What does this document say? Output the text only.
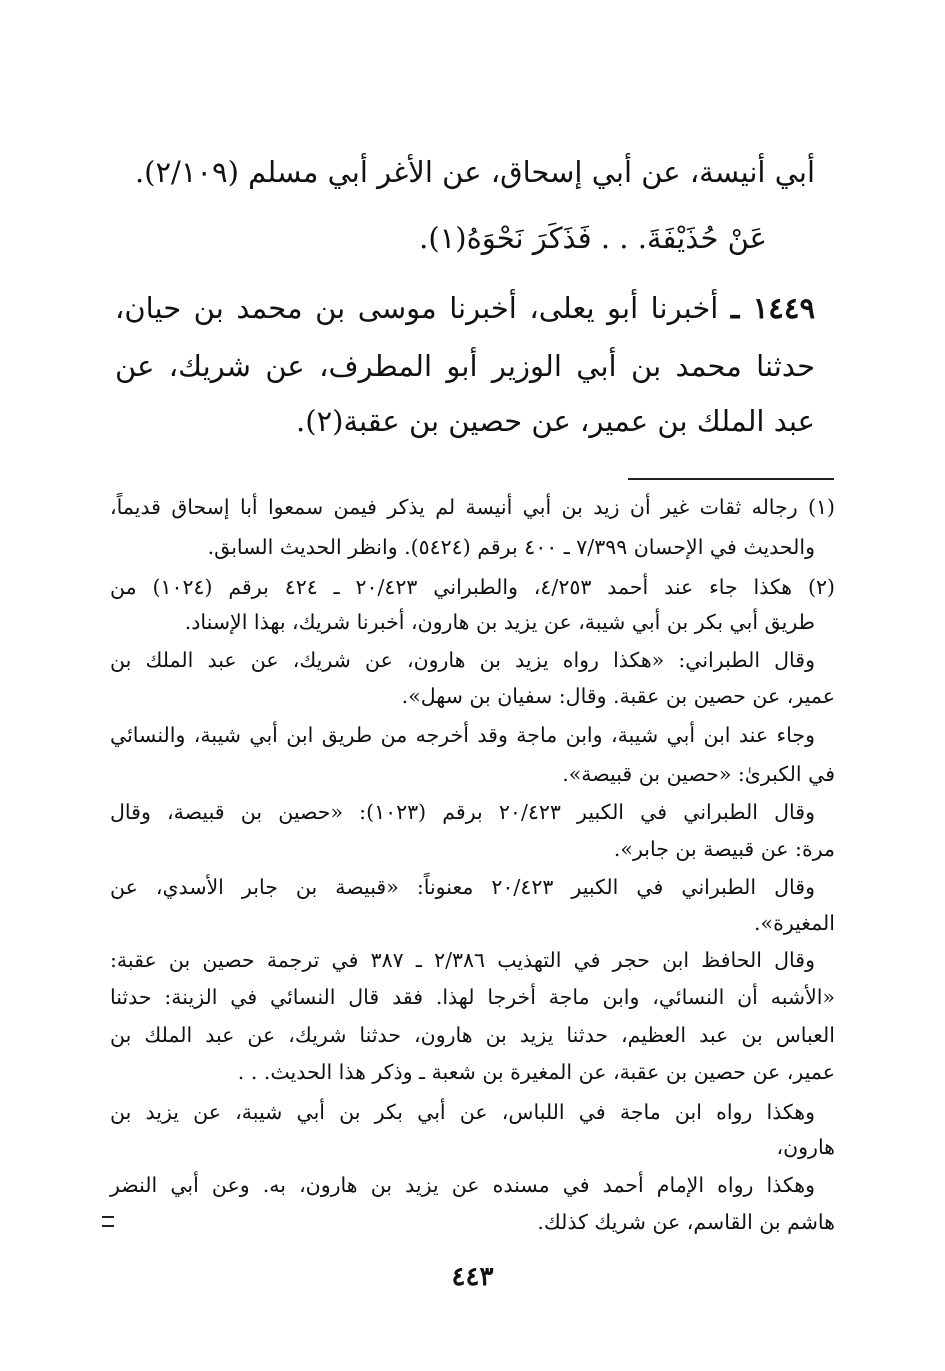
أبي أنيسة، عن أبي إسحاق، عن الأغر أبي مسلم (٢/١٠٩).
عَنْ حُذَيْفَةَ. . . فَذَكَرَ نَحْوَهُ(١).
١٤٤٩ ـ أخبرنا أبو يعلى، أخبرنا موسى بن محمد بن حيان،
حدثنا محمد بن أبي الوزير أبو المطرف، عن شريك، عن
عبد الملك بن عمير، عن حصين بن عقبة(٢).
(١) رجاله ثقات غير أن زيد بن أبي أنيسة لم يذكر فيمن سمعوا أبا إسحاق قديماً،
والحديث في الإحسان ٧/٣٩٩ ـ ٤٠٠ برقم (٥٤٢٤). وانظر الحديث السابق.
(٢) هكذا جاء عند أحمد ٤/٢٥٣، والطبراني ٢٠/٤٢٣ ـ ٤٢٤ برقم (١٠٢٤) من
طريق أبي بكر بن أبي شيبة، عن يزيد بن هارون، أخبرنا شريك، بهذا الإسناد.
وقال الطبراني: «هكذا رواه يزيد بن هارون، عن شريك، عن عبد الملك بن
عمير، عن حصين بن عقبة. وقال: سفيان بن سهل».
وجاء عند ابن أبي شيبة، وابن ماجة وقد أخرجه من طريق ابن أبي شيبة، والنسائي
في الكبرىٰ: «حصين بن قبيصة».
وقال الطبراني في الكبير ٢٠/٤٢٣ برقم (١٠٢٣): «حصين بن قبيصة، وقال
مرة: عن قبيصة بن جابر».
وقال الطبراني في الكبير ٢٠/٤٢٣ معنوناً: «قبيصة بن جابر الأسدي، عن
المغيرة».
وقال الحافظ ابن حجر في التهذيب ٢/٣٨٦ ـ ٣٨٧ في ترجمة حصين بن عقبة:
«الأشبه أن النسائي، وابن ماجة أخرجا لهذا. فقد قال النسائي في الزينة: حدثنا
العباس بن عبد العظيم، حدثنا يزيد بن هارون، حدثنا شريك، عن عبد الملك بن
عمير، عن حصين بن عقبة، عن المغيرة بن شعبة ـ وذكر هذا الحديث. . .
وهكذا رواه ابن ماجة في اللباس، عن أبي بكر بن أبي شيبة، عن يزيد بن
هارون،
وهكذا رواه الإمام أحمد في مسنده عن يزيد بن هارون، به. وعن أبي النضر
هاشم بن القاسم، عن شريك كذلك.
٤٤٣
